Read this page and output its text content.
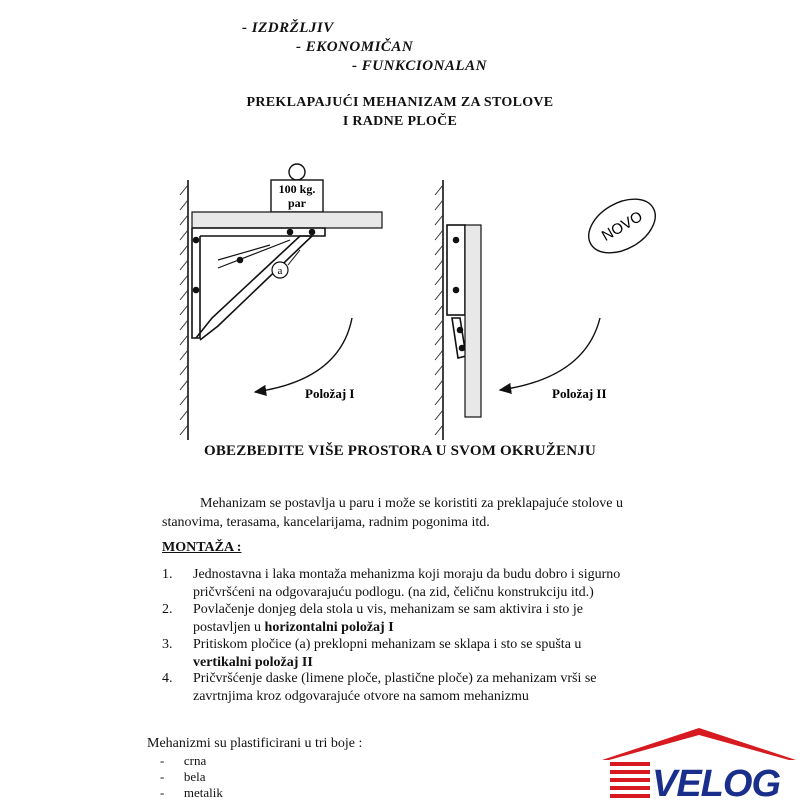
- IZDRŽLJIV
- EKONOMIČAN
- FUNKCIONALAN
PREKLAPAJUĆI MEHANIZAM ZA STOLOVE
I RADNE PLOČE
100 kg.
par
a
Položaj I	Položaj II
NOVO
OBEZBEDITE VIŠE PROSTORA U SVOM OKRUŽENJU
Mehanizam se postavlja u paru i može se koristiti za preklapajuće stolove u
stanovima, terasama, kancelarijama, radnim pogonima itd.
MONTAŽA :
1. Jednostavna i laka montaža mehanizma koji moraju da budu dobro i sigurno
pričvršćeni na odgovarajuću podlogu. (na zid, čeličnu konstrukciju itd.)
2. Povlačenje donjeg dela stola u vis, mehanizam se sam aktivira i sto je
postavljen u horizontalni položaj I
3. Pritiskom pločice (a) preklopni mehanizam se sklapa i sto se spušta u
vertikalni položaj II
4. Pričvršćenje daske (limene ploče, plastične ploče) za mehanizam vrši se
zavrtnjima kroz odgovarajuće otvore na samom mehanizmu
Mehanizmi su plastificirani u tri boje :
-      crna
-      bela
-      metalik	VELOG
